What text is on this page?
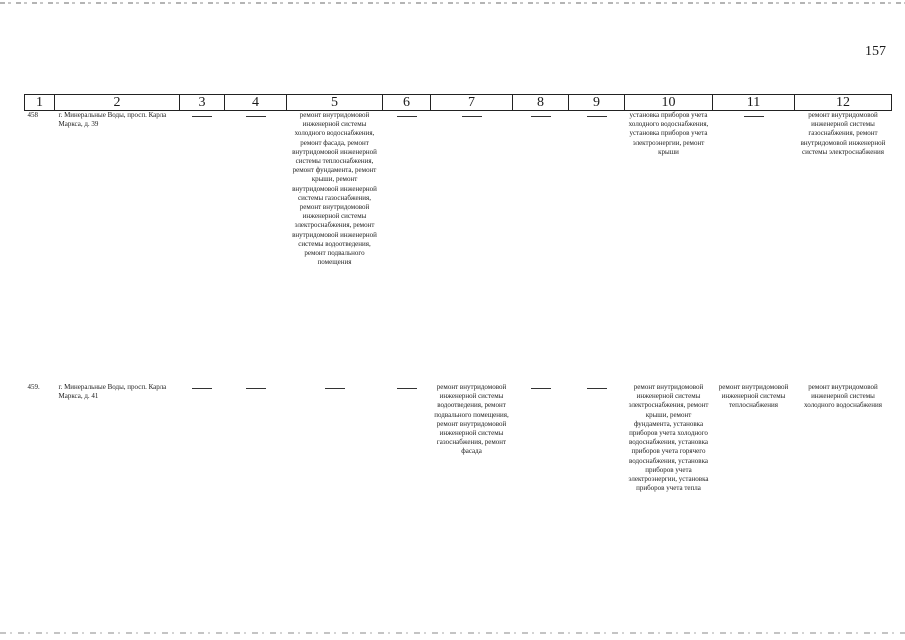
157
1	2	3	4	5	6	7	8	9	10	11	12
458	г. Минеральные Воды, просп. Карла Маркса, д. 39			ремонт внутридомовой инженерной системы холодного водоснабжения, ремонт фасада, ремонт внутридомовой инженерной системы теплоснабжения, ремонт фундамента, ремонт крыши, ремонт внутридомовой инженерной системы газоснабжения, ремонт внутридомовой инженерной системы электроснабжения, ремонт внутридомовой инженерной системы водоотведения, ремонт подвального помещения					установка приборов учета холодного водоснабжения, установка приборов учета электроэнергии, ремонт крыши		ремонт внутридомовой инженерной системы газоснабжения, ремонт внутридомовой инженерной системы электроснабжения
459.	г. Минеральные Воды, просп. Карла Маркса, д. 41					ремонт внутридомовой инженерной системы водоотведения, ремонт подвального помещения, ремонт внутридомовой инженерной системы газоснабжения, ремонт фасада			ремонт внутридомовой инженерной системы электроснабжения, ремонт крыши, ремонт фундамента, установка приборов учета холодного водоснабжения, установка приборов учета горячего водоснабжения, установка приборов учета электроэнергии, установка приборов учета тепла	ремонт внутридомовой инженерной системы теплоснабжения	ремонт внутридомовой инженерной системы холодного водоснабжения
